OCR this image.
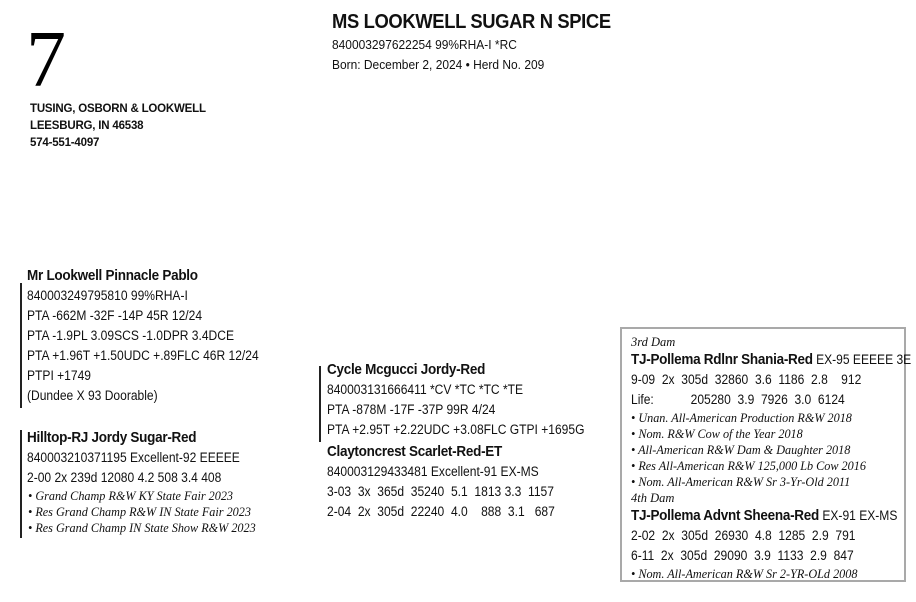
7
TUSING, OSBORN & LOOKWELL
LEESBURG, IN 46538
574-551-4097
MS LOOKWELL SUGAR N SPICE
840003297622254 99%RHA-I *RC
Born: December 2, 2024 • Herd No. 209
Mr Lookwell Pinnacle Pablo
840003249795810 99%RHA-I
PTA -662M -32F -14P 45R 12/24
PTA -1.9PL 3.09SCS -1.0DPR 3.4DCE
PTA +1.96T +1.50UDC +.89FLC 46R 12/24
PTPI +1749
(Dundee X 93 Doorable)
Hilltop-RJ Jordy Sugar-Red
840003210371195 Excellent-92 EEEEE
2-00 2x 239d 12080 4.2 508 3.4 408
• Grand Champ R&W KY State Fair 2023
• Res Grand Champ R&W IN State Fair 2023
• Res Grand Champ IN State Show R&W 2023
Cycle Mcgucci Jordy-Red
840003131666411 *CV *TC *TC *TE
PTA -878M -17F -37P 99R 4/24
PTA +2.95T +2.22UDC +3.08FLC GTPI +1695G
Claytoncrest Scarlet-Red-ET
840003129433481 Excellent-91 EX-MS
3-03  3x  365d  35240  5.1  1813 3.3  1157
2-04  2x  305d  22240  4.0    888  3.1   687
3rd Dam
TJ-Pollema Rdlnr Shania-Red EX-95 EEEEE 3E
9-09  2x  305d  32860  3.6  1186  2.8    912
Life:           205280  3.9  7926  3.0  6124
• Unan. All-American Production R&W 2018
• Nom. R&W Cow of the Year 2018
• All-American R&W Dam & Daughter 2018
• Res All-American R&W 125,000 Lb Cow 2016
• Nom. All-American R&W Sr 3-Yr-Old 2011
4th Dam
TJ-Pollema Advnt Sheena-Red EX-91 EX-MS
2-02  2x  305d  26930  4.8  1285  2.9  791
6-11  2x  305d  29090  3.9  1133  2.9  847
• Nom. All-American R&W Sr 2-YR-OLd 2008
